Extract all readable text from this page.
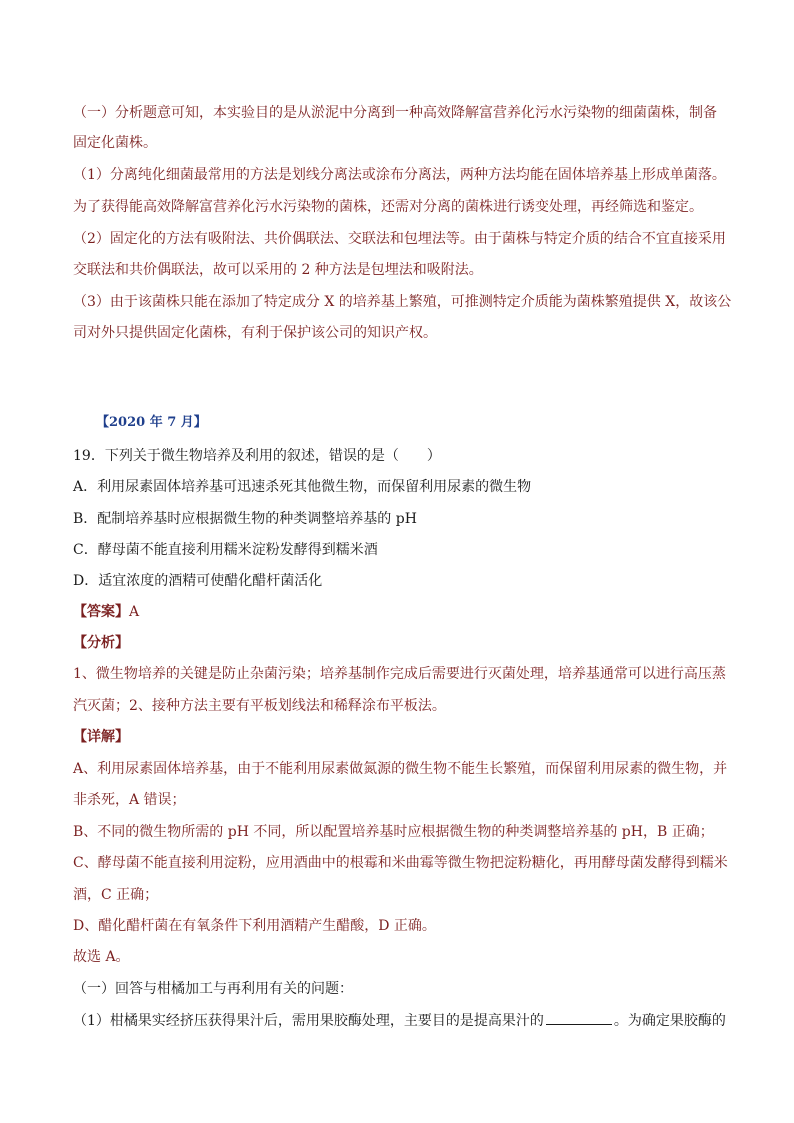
（一）分析题意可知，本实验目的是从淤泥中分离到一种高效降解富营养化污水污染物的细菌菌株，制备
固定化菌株。
（1）分离纯化细菌最常用的方法是划线分离法或涂布分离法，两种方法均能在固体培养基上形成单菌落。
为了获得能高效降解富营养化污水污染物的菌株，还需对分离的菌株进行诱变处理，再经筛选和鉴定。
（2）固定化的方法有吸附法、共价偶联法、交联法和包埋法等。由于菌株与特定介质的结合不宜直接采用
交联法和共价偶联法，故可以采用的 2 种方法是包埋法和吸附法。
（3）由于该菌株只能在添加了特定成分 X 的培养基上繁殖，可推测特定介质能为菌株繁殖提供 X，故该公
司对外只提供固定化菌株，有利于保护该公司的知识产权。
【2020 年 7 月】
19．下列关于微生物培养及利用的叙述，错误的是（　　）
A．利用尿素固体培养基可迅速杀死其他微生物，而保留利用尿素的微生物
B．配制培养基时应根据微生物的种类调整培养基的 pH
C．酵母菌不能直接利用糯米淀粉发酵得到糯米酒
D．适宜浓度的酒精可使醋化醋杆菌活化
【答案】A
【分析】
1、微生物培养的关键是防止杂菌污染；培养基制作完成后需要进行灭菌处理，培养基通常可以进行高压蒸
汽灭菌；2、接种方法主要有平板划线法和稀释涂布平板法。
【详解】
A、利用尿素固体培养基，由于不能利用尿素做氮源的微生物不能生长繁殖，而保留利用尿素的微生物，并
非杀死，A 错误；
B、不同的微生物所需的 pH 不同，所以配置培养基时应根据微生物的种类调整培养基的 pH，B 正确；
C、酵母菌不能直接利用淀粉，应用酒曲中的根霉和米曲霉等微生物把淀粉糖化，再用酵母菌发酵得到糯米
酒，C 正确；
D、醋化醋杆菌在有氧条件下利用酒精产生醋酸，D 正确。
故选 A。
（一）回答与柑橘加工与再利用有关的问题：
（1）柑橘果实经挤压获得果汁后，需用果胶酶处理，主要目的是提高果汁的	。为确定果胶酶的
